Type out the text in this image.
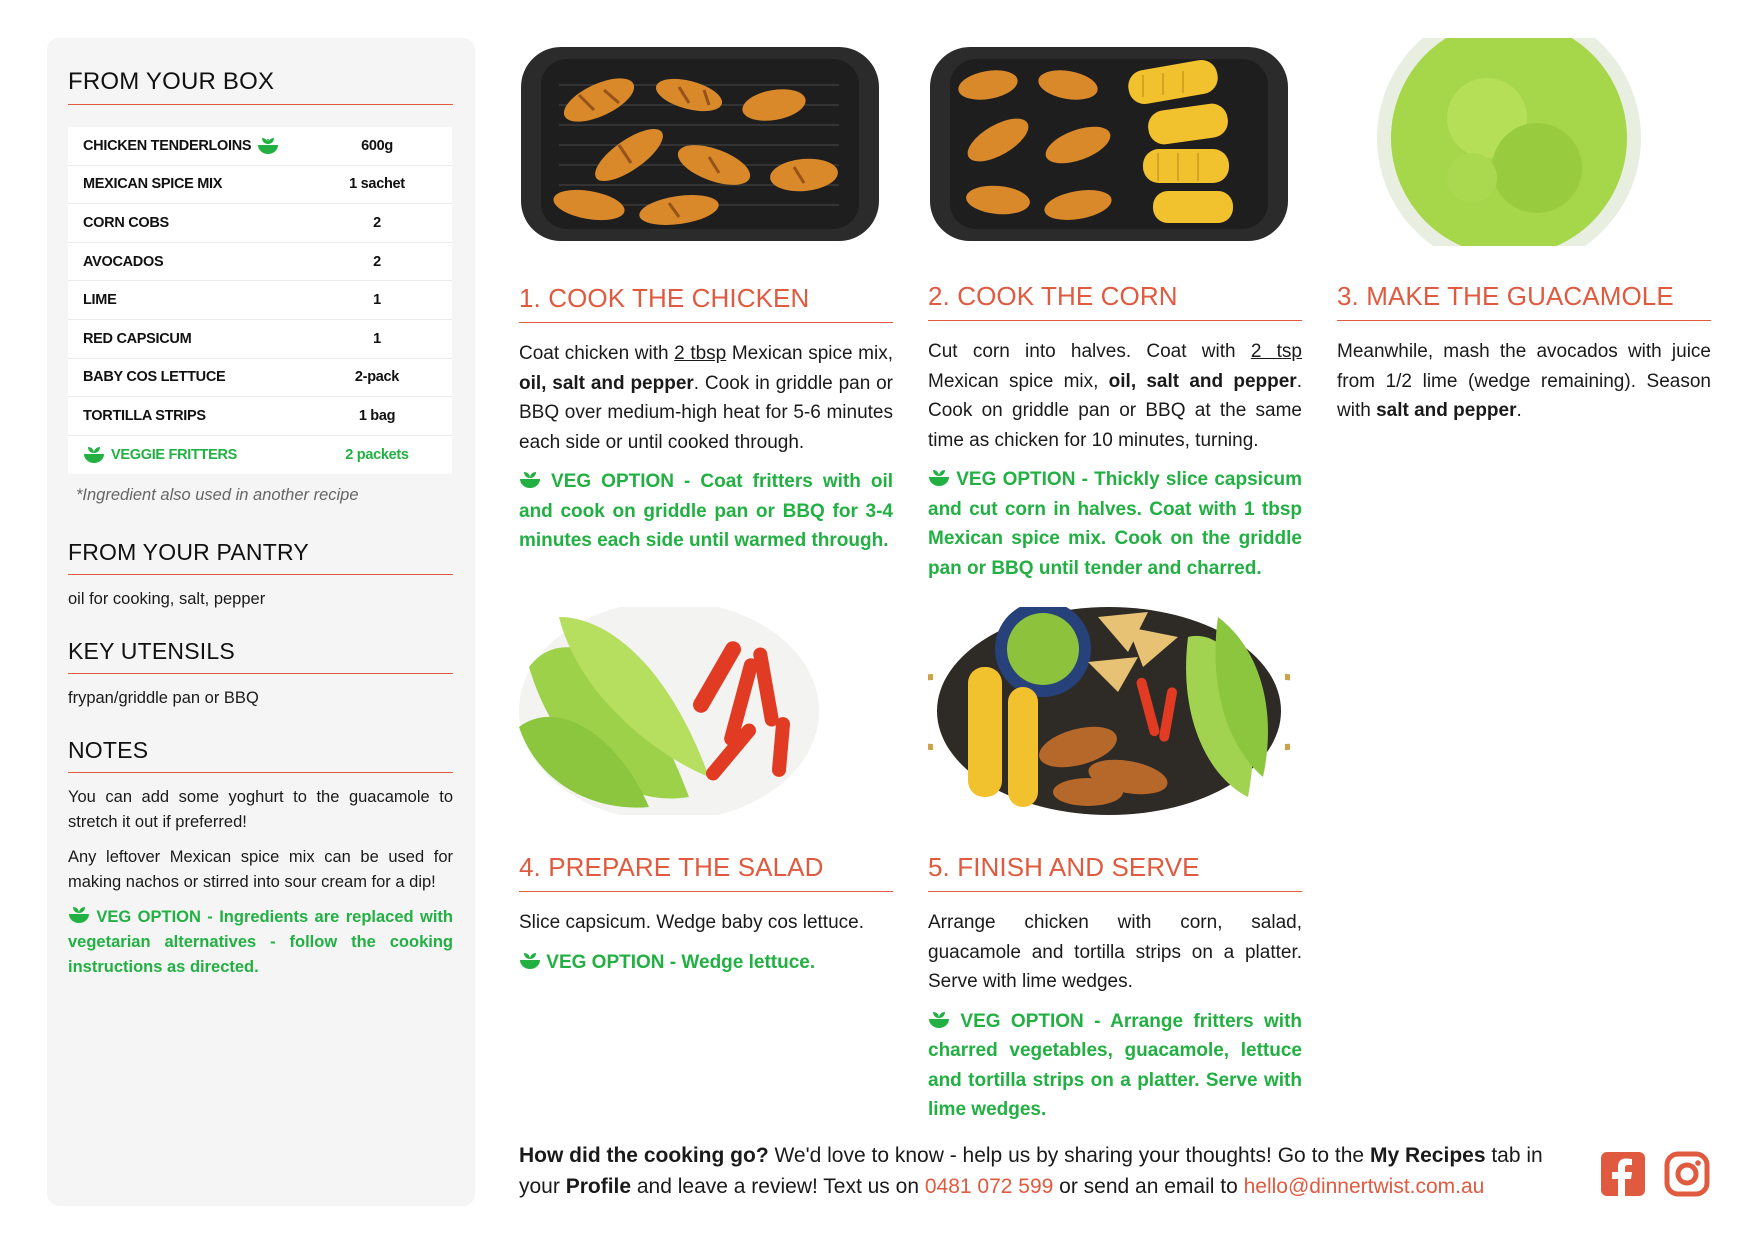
FROM YOUR BOX
CHICKEN TENDERLOINS	600g
MEXICAN SPICE MIX	1 sachet
CORN COBS	2
AVOCADOS	2
LIME	1
RED CAPSICUM	1
BABY COS LETTUCE	2-pack
TORTILLA STRIPS	1 bag
VEGGIE FRITTERS	2 packets
*Ingredient also used in another recipe
FROM YOUR PANTRY
oil for cooking, salt, pepper
KEY UTENSILS
frypan/griddle pan or BBQ
NOTES
You can add some yoghurt to the guacamole to stretch it out if preferred!
Any leftover Mexican spice mix can be used for making nachos or stirred into sour cream for a dip!
VEG OPTION - Ingredients are replaced with vegetarian alternatives - follow the cooking instructions as directed.
1. COOK THE CHICKEN
Coat chicken with 2 tbsp Mexican spice mix, oil, salt and pepper. Cook in griddle pan or BBQ over medium-high heat for 5-6 minutes each side or until cooked through.
VEG OPTION - Coat fritters with oil and cook on griddle pan or BBQ for 3-4 minutes each side until warmed through.
2. COOK THE CORN
Cut corn into halves. Coat with 2 tsp Mexican spice mix, oil, salt and pepper. Cook on griddle pan or BBQ at the same time as chicken for 10 minutes, turning.
VEG OPTION - Thickly slice capsicum and cut corn in halves. Coat with 1 tbsp Mexican spice mix. Cook on the griddle pan or BBQ until tender and charred.
3. MAKE THE GUACAMOLE
Meanwhile, mash the avocados with juice from 1/2 lime (wedge remaining). Season with salt and pepper.
4. PREPARE THE SALAD
Slice capsicum. Wedge baby cos lettuce.
VEG OPTION - Wedge lettuce.
5. FINISH AND SERVE
Arrange chicken with corn, salad, guacamole and tortilla strips on a platter. Serve with lime wedges.
VEG OPTION - Arrange fritters with charred vegetables, guacamole, lettuce and tortilla strips on a platter. Serve with lime wedges.
How did the cooking go? We'd love to know - help us by sharing your thoughts! Go to the My Recipes tab in your Profile and leave a review! Text us on 0481 072 599 or send an email to hello@dinnertwist.com.au
